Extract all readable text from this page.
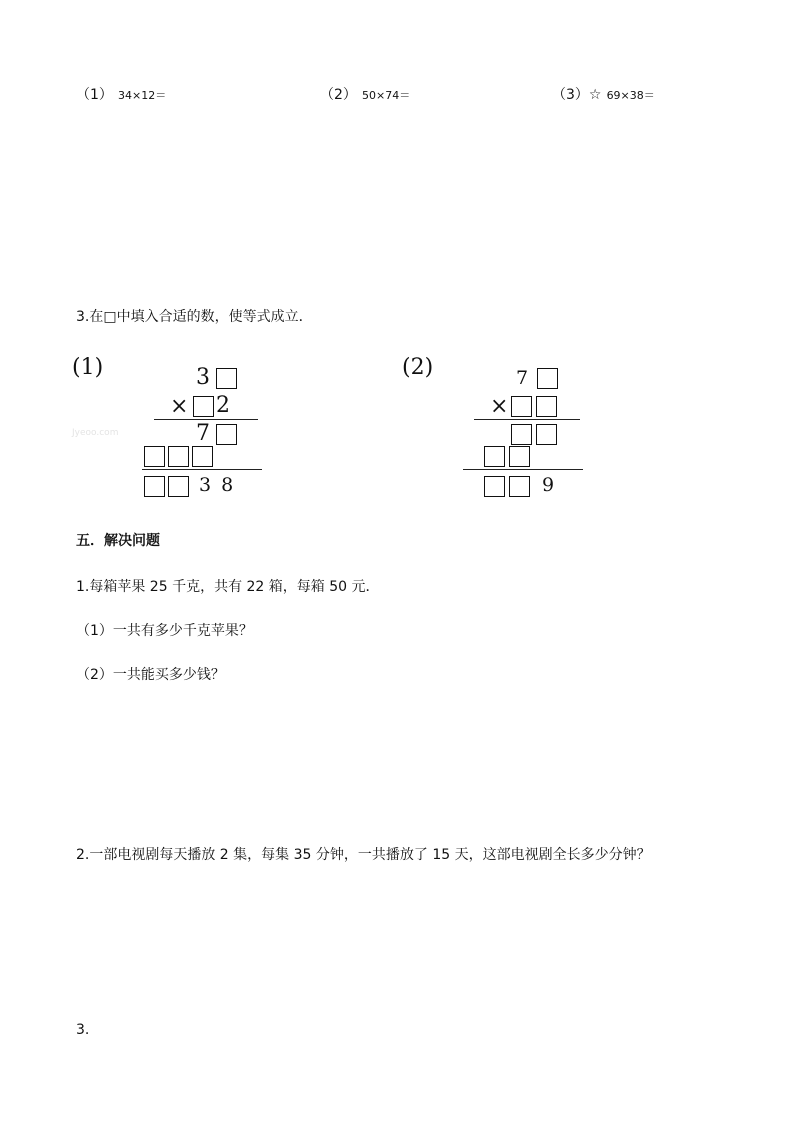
（1） 34×12＝	（2） 50×74＝	（3）☆ 69×38＝
3.在□中填入合适的数，使等式成立．
(1)	3
× 2
Jyeoo.com	7
3 8
(2)	7
×
9
五．解决问题
1.每箱苹果 25 千克，共有 22 箱，每箱 50 元．
（1）一共有多少千克苹果？
（2）一共能买多少钱？
2.一部电视剧每天播放 2 集，每集 35 分钟，一共播放了 15 天，这部电视剧全长多少分钟？
3.
